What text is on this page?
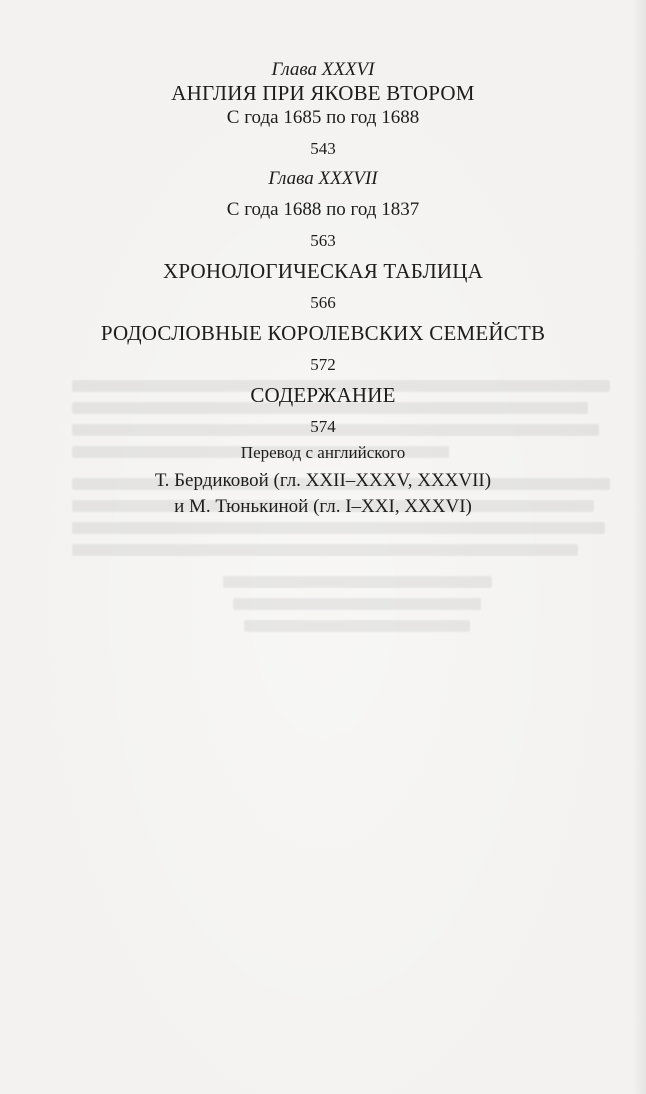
Глава XXXVI

АНГЛИЯ ПРИ ЯКОВЕ ВТОРОМ

С года 1685 по год 1688

543

Глава XXXVII

С года 1688 по год 1837

563

ХРОНОЛОГИЧЕСКАЯ ТАБЛИЦА

566

РОДОСЛОВНЫЕ КОРОЛЕВСКИХ СЕМЕЙСТВ

572

СОДЕРЖАНИЕ

574

Перевод с английского

Т. Бердиковой (гл. XXII–XXXV, XXXVII)

и М. Тюнькиной (гл. I–XXI, XXXVI)
